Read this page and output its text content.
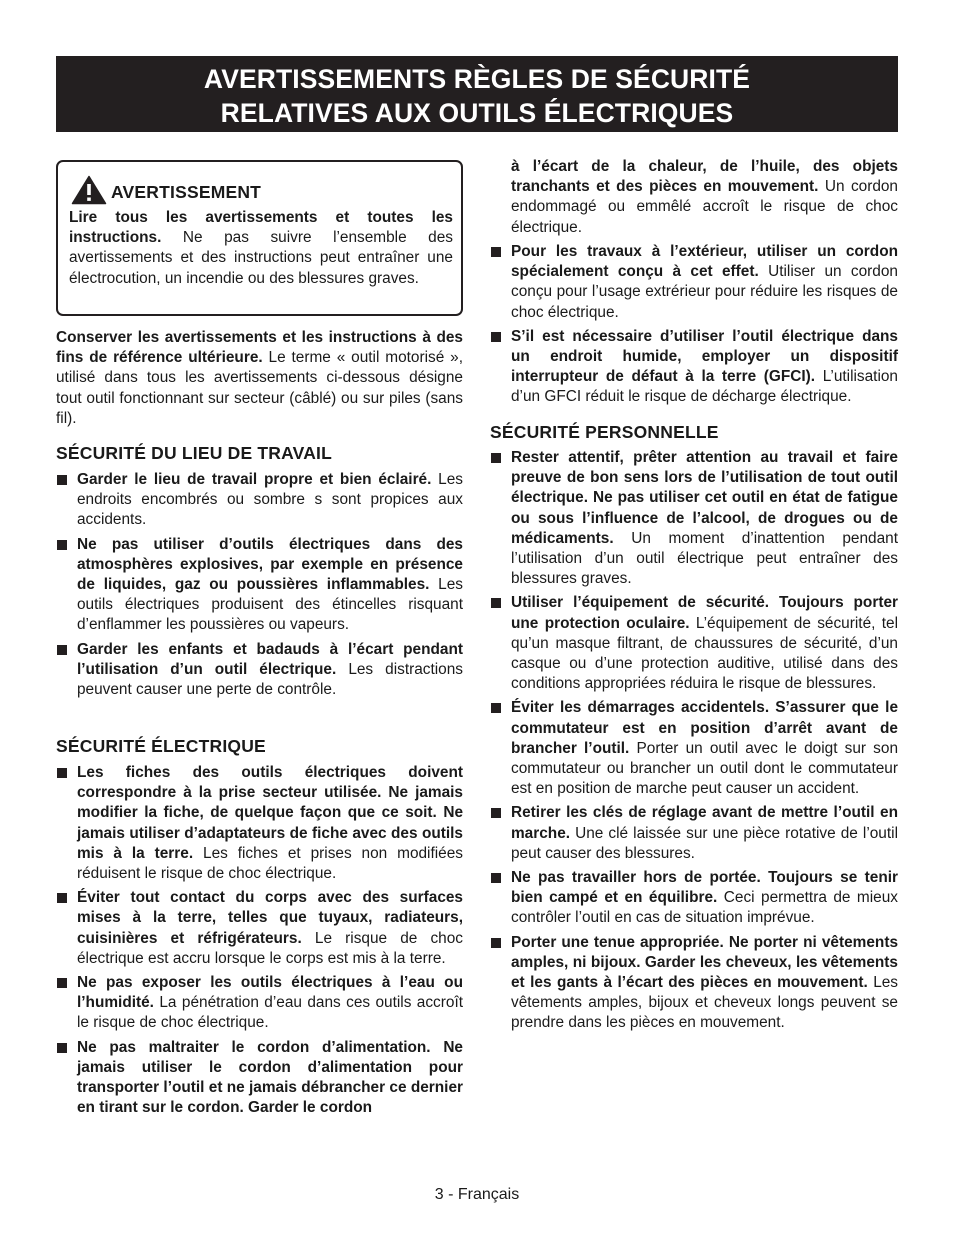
AVERTISSEMENTS RÈGLES DE SÉCURITÉ
RELATIVES AUX OUTILS ÉLECTRIQUES
AVERTISSEMENT

Lire tous les avertissements et toutes les instructions. Ne pas suivre l’ensemble des avertissements et des instructions peut entraîner une électrocution, un incendie ou des blessures graves.

Conserver les avertissements et les instructions à des fins de référence ultérieure. Le terme « outil motorisé », utilisé dans tous les avertissements ci-dessous désigne tout outil fonctionnant sur secteur (câblé) ou sur piles (sans fil).

SÉCURITÉ DU LIEU DE TRAVAIL
Garder le lieu de travail propre et bien éclairé. Les endroits encombrés ou sombre s sont propices aux accidents.
Ne pas utiliser d’outils électriques dans des atmosphères explosives, par exemple en présence de liquides, gaz ou poussières inflammables. Les outils électriques produisent des étincelles risquant d’enflammer les poussières ou vapeurs.
Garder les enfants et badauds à l’écart pendant l’utilisation d’un outil électrique. Les distractions peuvent causer une perte de contrôle.
SÉCURITÉ ÉLECTRIQUE
Les fiches des outils électriques doivent correspondre à la prise secteur utilisée. Ne jamais modifier la fiche, de quelque façon que ce soit. Ne jamais utiliser d’adaptateurs de fiche avec des outils mis à la terre. Les fiches et prises non modifiées réduisent le risque de choc électrique.
Éviter tout contact du corps avec des surfaces mises à la terre, telles que tuyaux, radiateurs, cuisinières et réfrigérateurs. Le risque de choc électrique est accru lorsque le corps est mis à la terre.
Ne pas exposer les outils électriques à l’eau ou l’humidité. La pénétration d’eau dans ces outils accroît le risque de choc électrique.
Ne pas maltraiter le cordon d’alimentation. Ne jamais utiliser le cordon d’alimentation pour transporter l’outil et ne jamais débrancher ce dernier en tirant sur le cordon. Garder le cordon

à l’écart de la chaleur, de l’huile, des objets tranchants et des pièces en mouvement. Un cordon endommagé ou emmêlé accroît le risque de choc électrique.

Pour les travaux à l’extérieur, utiliser un cordon spécialement conçu à cet effet. Utiliser un cordon conçu pour l’usage extrérieur pour réduire les risques de choc électrique.
S’il est nécessaire d’utiliser l’outil électrique dans un endroit humide, employer un dispositif interrupteur de défaut à la terre (GFCI). L’utilisation d’un GFCI réduit le risque de décharge électrique.
SÉCURITÉ PERSONNELLE
Rester attentif, prêter attention au travail et faire preuve de bon sens lors de l’utilisation de tout outil électrique. Ne pas utiliser cet outil en état de fatigue ou sous l’influence de l’alcool, de drogues ou de médicaments. Un moment d’inattention pendant l’utilisation d’un outil électrique peut entraîner des blessures graves.
Utiliser l’équipement de sécurité. Toujours porter une protection oculaire. L’équipement de sécurité, tel qu’un masque filtrant, de chaussures de sécurité, d’un casque ou d’une protection auditive, utilisé dans des conditions appropriées réduira le risque de blessures.
Éviter les démarrages accidentels. S’assurer que le commutateur est en position d’arrêt avant de brancher l’outil. Porter un outil avec le doigt sur son commutateur ou brancher un outil dont le commutateur est en position de marche peut causer un accident.
Retirer les clés de réglage avant de mettre l’outil en marche. Une clé laissée sur une pièce rotative de l’outil peut causer des blessures.
Ne pas travailler hors de portée. Toujours se tenir bien campé et en équilibre. Ceci permettra de mieux contrôler l’outil en cas de situation imprévue.
Porter une tenue appropriée. Ne porter ni vêtements amples, ni bijoux. Garder les cheveux, les vêtements et les gants à l’écart des pièces en mouvement. Les vêtements amples, bijoux et cheveux longs peuvent se prendre dans les pièces en mouvement.
3 - Français
